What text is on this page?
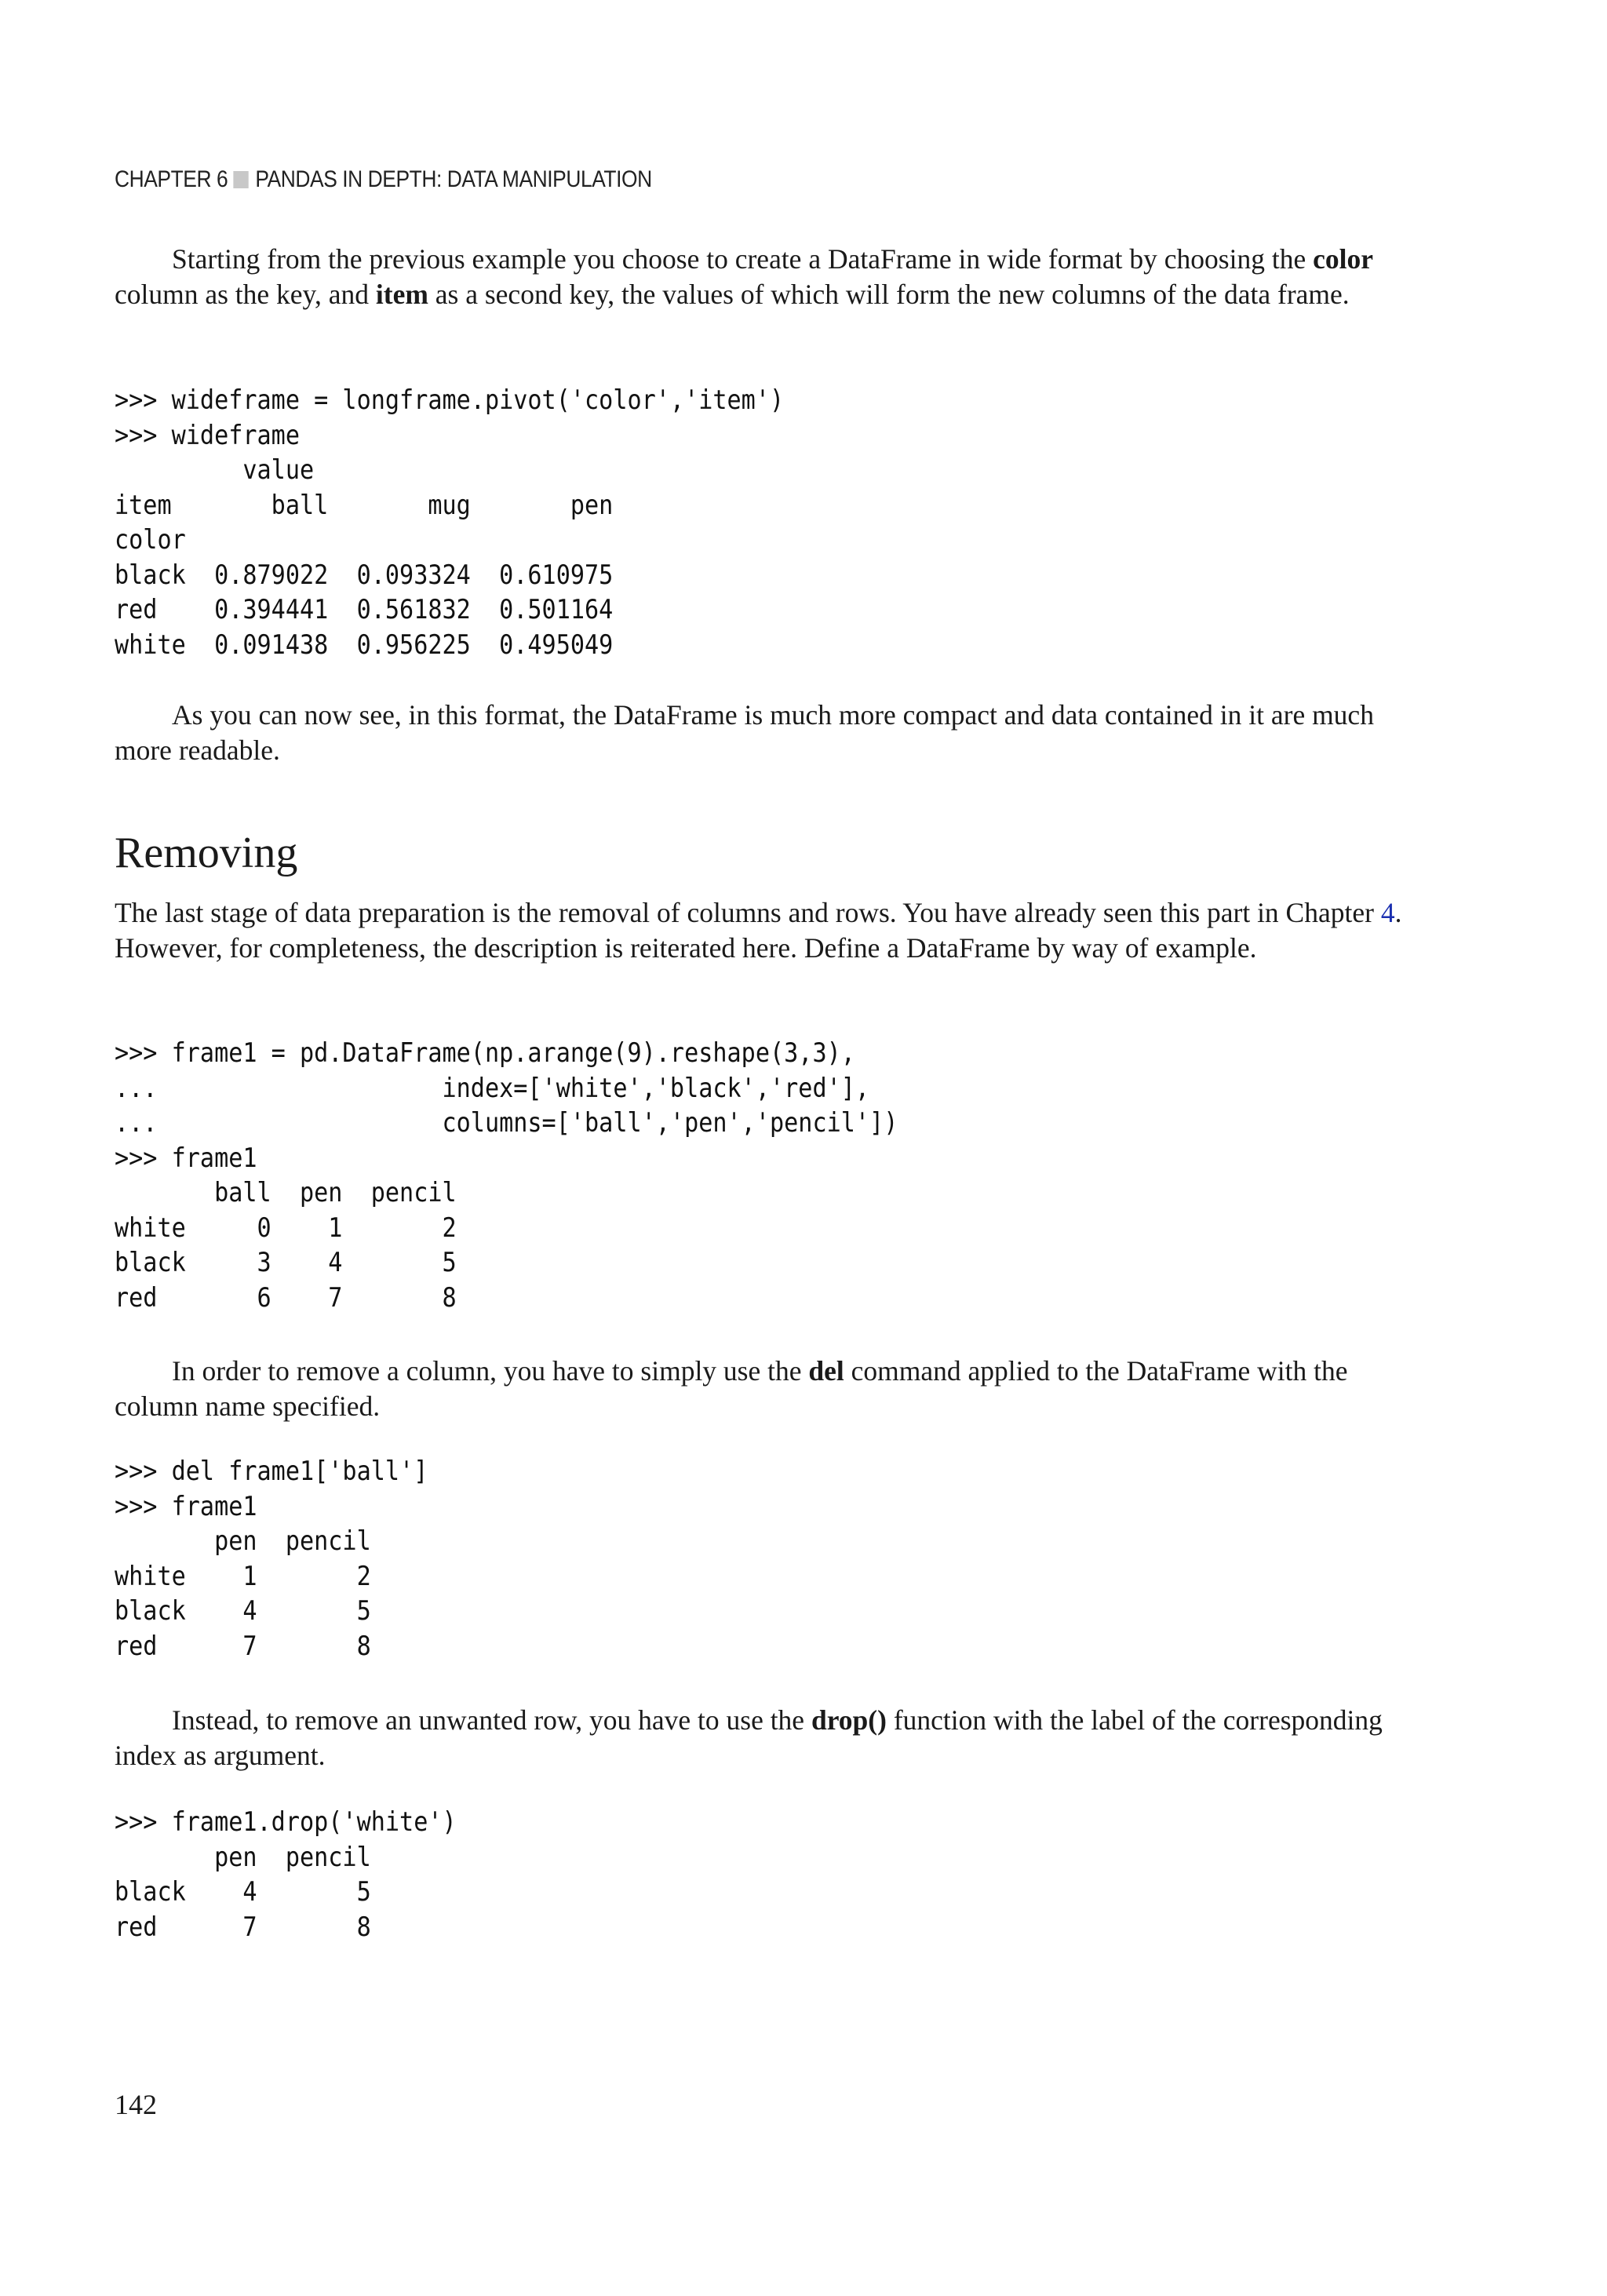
CHAPTER 6 PANDAS IN DEPTH: DATA MANIPULATION

Starting from the previous example you choose to create a DataFrame in wide format by choosing the color column as the key, and item as a second key, the values of which will form the new columns of the data frame.

>>> wideframe = longframe.pivot('color','item')
>>> wideframe
value
item       ball       mug       pen
color
black  0.879022  0.093324  0.610975
red    0.394441  0.561832  0.501164
white  0.091438  0.956225  0.495049

As you can now see, in this format, the DataFrame is much more compact and data contained in it are much more readable.

Removing

The last stage of data preparation is the removal of columns and rows. You have already seen this part in Chapter 4. However, for completeness, the description is reiterated here. Define a DataFrame by way of example.

>>> frame1 = pd.DataFrame(np.arange(9).reshape(3,3),
...                    index=['white','black','red'],
...                    columns=['ball','pen','pencil'])
>>> frame1
ball  pen  pencil
white     0    1       2
black     3    4       5
red       6    7       8

In order to remove a column, you have to simply use the del command applied to the DataFrame with the column name specified.

>>> del frame1['ball']
>>> frame1
pen  pencil
white    1       2
black    4       5
red      7       8

Instead, to remove an unwanted row, you have to use the drop() function with the label of the corresponding index as argument.

>>> frame1.drop('white')
pen  pencil
black    4       5
red      7       8
142
